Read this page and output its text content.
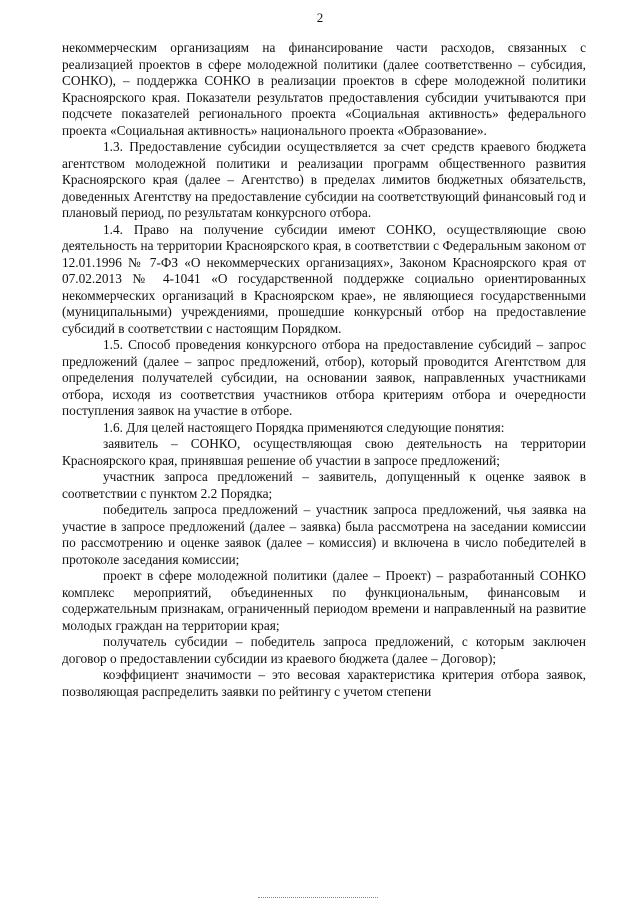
2

некоммерческим организациям на финансирование части расходов, связанных с реализацией проектов в сфере молодежной политики (далее соответственно – субсидия, СОНКО), – поддержка СОНКО в реализации проектов в сфере молодежной политики Красноярского края. Показатели результатов предоставления субсидии учитываются при подсчете показателей регионального проекта «Социальная активность» федерального проекта «Социальная активность» национального проекта «Образование».

1.3. Предоставление субсидии осуществляется за счет средств краевого бюджета агентством молодежной политики и реализации программ общественного развития Красноярского края (далее – Агентство) в пределах лимитов бюджетных обязательств, доведенных Агентству на предоставление субсидии на соответствующий финансовый год и плановый период, по результатам конкурсного отбора.

1.4. Право на получение субсидии имеют СОНКО, осуществляющие свою деятельность на территории Красноярского края, в соответствии с Федеральным законом от 12.01.1996 № 7-ФЗ «О некоммерческих организациях», Законом Красноярского края от 07.02.2013 № 4-1041 «О государственной поддержке социально ориентированных некоммерческих организаций в Красноярском крае», не являющиеся государственными (муниципальными) учреждениями, прошедшие конкурсный отбор на предоставление субсидий в соответствии с настоящим Порядком.

1.5. Способ проведения конкурсного отбора на предоставление субсидий – запрос предложений (далее – запрос предложений, отбор), который проводится Агентством для определения получателей субсидии, на основании заявок, направленных участниками отбора, исходя из соответствия участников отбора критериям отбора и очередности поступления заявок на участие в отборе.

1.6. Для целей настоящего Порядка применяются следующие понятия:

заявитель – СОНКО, осуществляющая свою деятельность на территории Красноярского края, принявшая решение об участии в запросе предложений;

участник запроса предложений – заявитель, допущенный к оценке заявок в соответствии с пунктом 2.2 Порядка;

победитель запроса предложений – участник запроса предложений, чья заявка на участие в запросе предложений (далее – заявка) была рассмотрена на заседании комиссии по рассмотрению и оценке заявок (далее – комиссия) и включена в число победителей в протоколе заседания комиссии;

проект в сфере молодежной политики (далее – Проект) – разработанный СОНКО комплекс мероприятий, объединенных по функциональным, финансовым и содержательным признакам, ограниченный периодом времени и направленный на развитие молодых граждан на территории края;

получатель субсидии – победитель запроса предложений, с которым заключен договор о предоставлении субсидии из краевого бюджета (далее – Договор);

коэффициент значимости – это весовая характеристика критерия отбора заявок, позволяющая распределить заявки по рейтингу с учетом степени
